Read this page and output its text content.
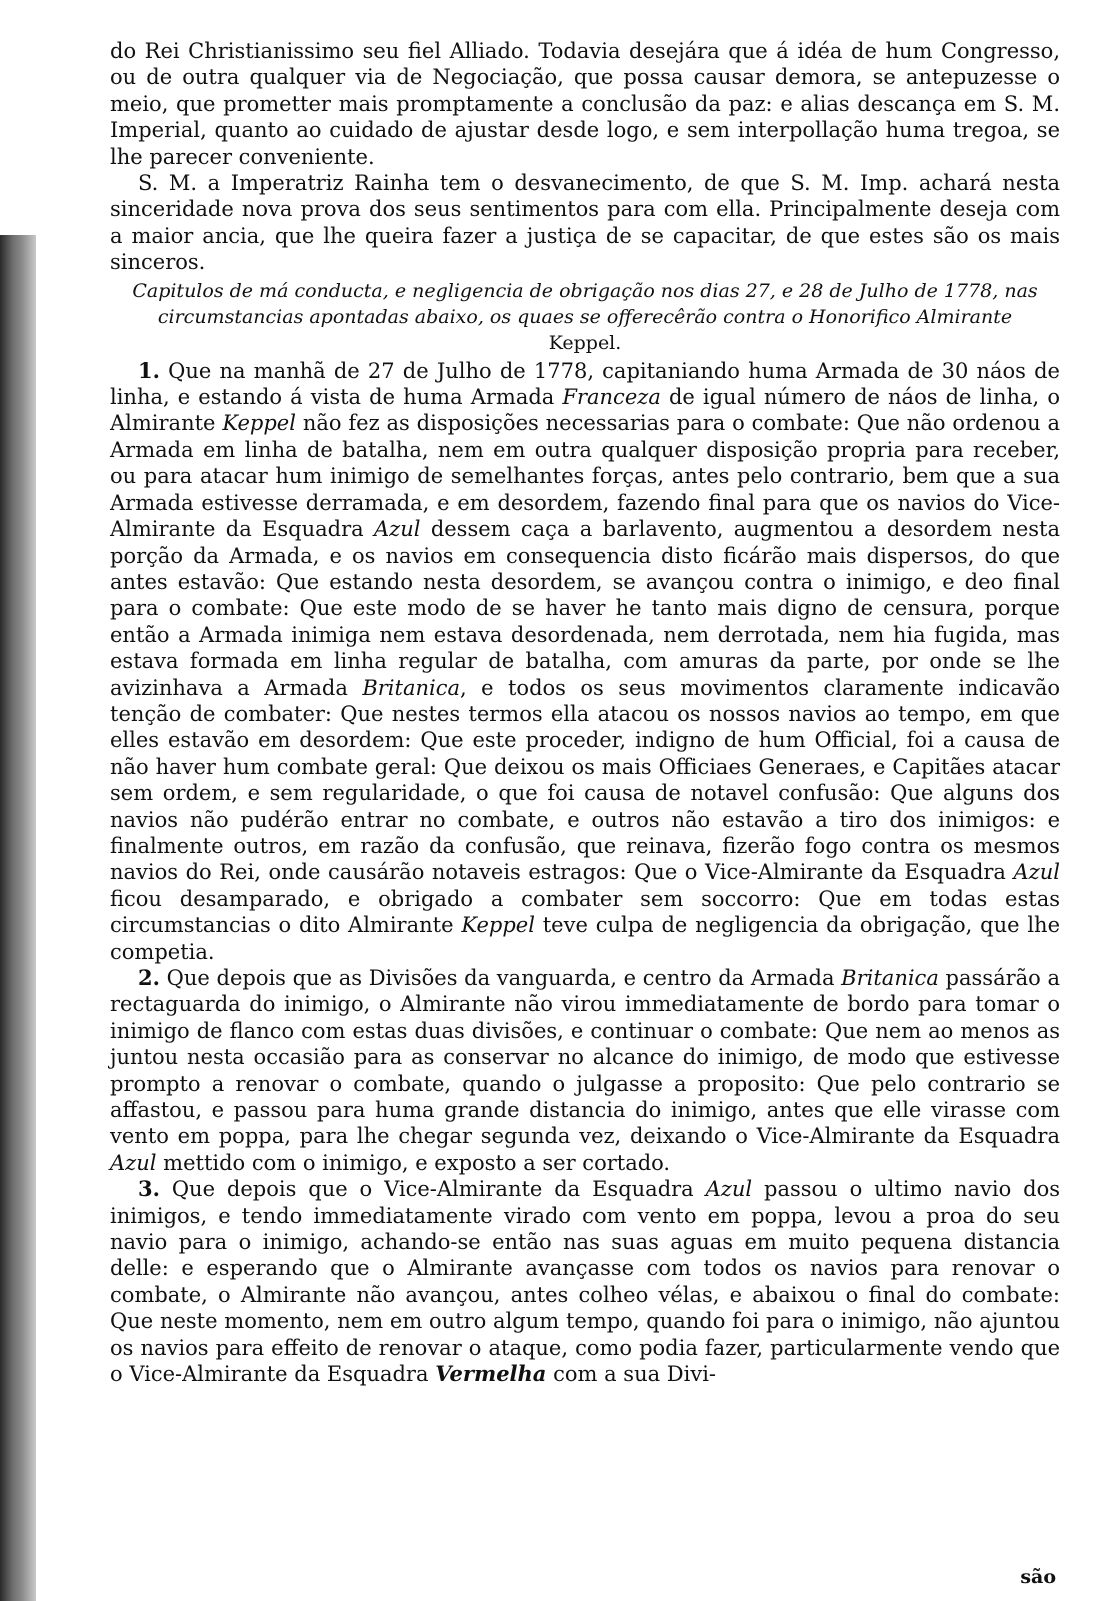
do Rei Christianissimo seu fiel Alliado. Todavia desejára que á idéa de hum Congresso, ou de outra qualquer via de Negociação, que possa causar demora, se antepuzesse o meio, que prometter mais promptamente a conclusão da paz: e alias descança em S. M. Imperial, quanto ao cuidado de ajustar desde logo, e sem interpollação huma tregoa, se lhe parecer conveniente.

S. M. a Imperatriz Rainha tem o desvanecimento, de que S. M. Imp. achará nesta sinceridade nova prova dos seus sentimentos para com ella. Principalmente deseja com a maior ancia, que lhe queira fazer a justiça de se capacitar, de que estes são os mais sinceros.

Capitulos de má conducta, e negligencia de obrigação nos dias 27, e 28 de Julho de 1778, nas circumstancias apontadas abaixo, os quaes se offerecêrão contra o Honorifico Almirante Keppel.

1. Que na manhã de 27 de Julho de 1778, capitaniando huma Armada de 30 náos de linha, e estando á vista de huma Armada Franceza de igual número de náos de linha, o Almirante Keppel não fez as disposições necessarias para o combate: Que não ordenou a Armada em linha de batalha, nem em outra qualquer disposição propria para receber, ou para atacar hum inimigo de semelhantes forças, antes pelo contrario, bem que a sua Armada estivesse derramada, e em desordem, fazendo final para que os navios do Vice-Almirante da Esquadra Azul dessem caça a barlavento, augmentou a desordem nesta porção da Armada, e os navios em consequencia disto ficárão mais dispersos, do que antes estavão: Que estando nesta desordem, se avançou contra o inimigo, e deo final para o combate: Que este modo de se haver he tanto mais digno de censura, porque então a Armada inimiga nem estava desordenada, nem derrotada, nem hia fugida, mas estava formada em linha regular de batalha, com amuras da parte, por onde se lhe avizinhava a Armada Britanica, e todos os seus movimentos claramente indicavão tenção de combater: Que nestes termos ella atacou os nossos navios ao tempo, em que elles estavão em desordem: Que este proceder, indigno de hum Official, foi a causa de não haver hum combate geral: Que deixou os mais Officiaes Generaes, e Capitães atacar sem ordem, e sem regularidade, o que foi causa de notavel confusão: Que alguns dos navios não pudérão entrar no combate, e outros não estavão a tiro dos inimigos: e finalmente outros, em razão da confusão, que reinava, fizerão fogo contra os mesmos navios do Rei, onde causárão notaveis estragos: Que o Vice-Almirante da Esquadra Azul ficou desamparado, e obrigado a combater sem soccorro: Que em todas estas circumstancias o dito Almirante Keppel teve culpa de negligencia da obrigação, que lhe competia.

2. Que depois que as Divisões da vanguarda, e centro da Armada Britanica passárão a rectaguarda do inimigo, o Almirante não virou immediatamente de bordo para tomar o inimigo de flanco com estas duas divisões, e continuar o combate: Que nem ao menos as juntou nesta occasião para as conservar no alcance do inimigo, de modo que estivesse prompto a renovar o combate, quando o julgasse a proposito: Que pelo contrario se affastou, e passou para huma grande distancia do inimigo, antes que elle virasse com vento em poppa, para lhe chegar segunda vez, deixando o Vice-Almirante da Esquadra Azul mettido com o inimigo, e exposto a ser cortado.

3. Que depois que o Vice-Almirante da Esquadra Azul passou o ultimo navio dos inimigos, e tendo immediatamente virado com vento em poppa, levou a proa do seu navio para o inimigo, achando-se então nas suas aguas em muito pequena distancia delle: e esperando que o Almirante avançasse com todos os navios para renovar o combate, o Almirante não avançou, antes colheo vélas, e abaixou o final do combate: Que neste momento, nem em outro algum tempo, quando foi para o inimigo, não ajuntou os navios para effeito de renovar o ataque, como podia fazer, particularmente vendo que o Vice-Almirante da Esquadra Vermelha com a sua Divi-

são
